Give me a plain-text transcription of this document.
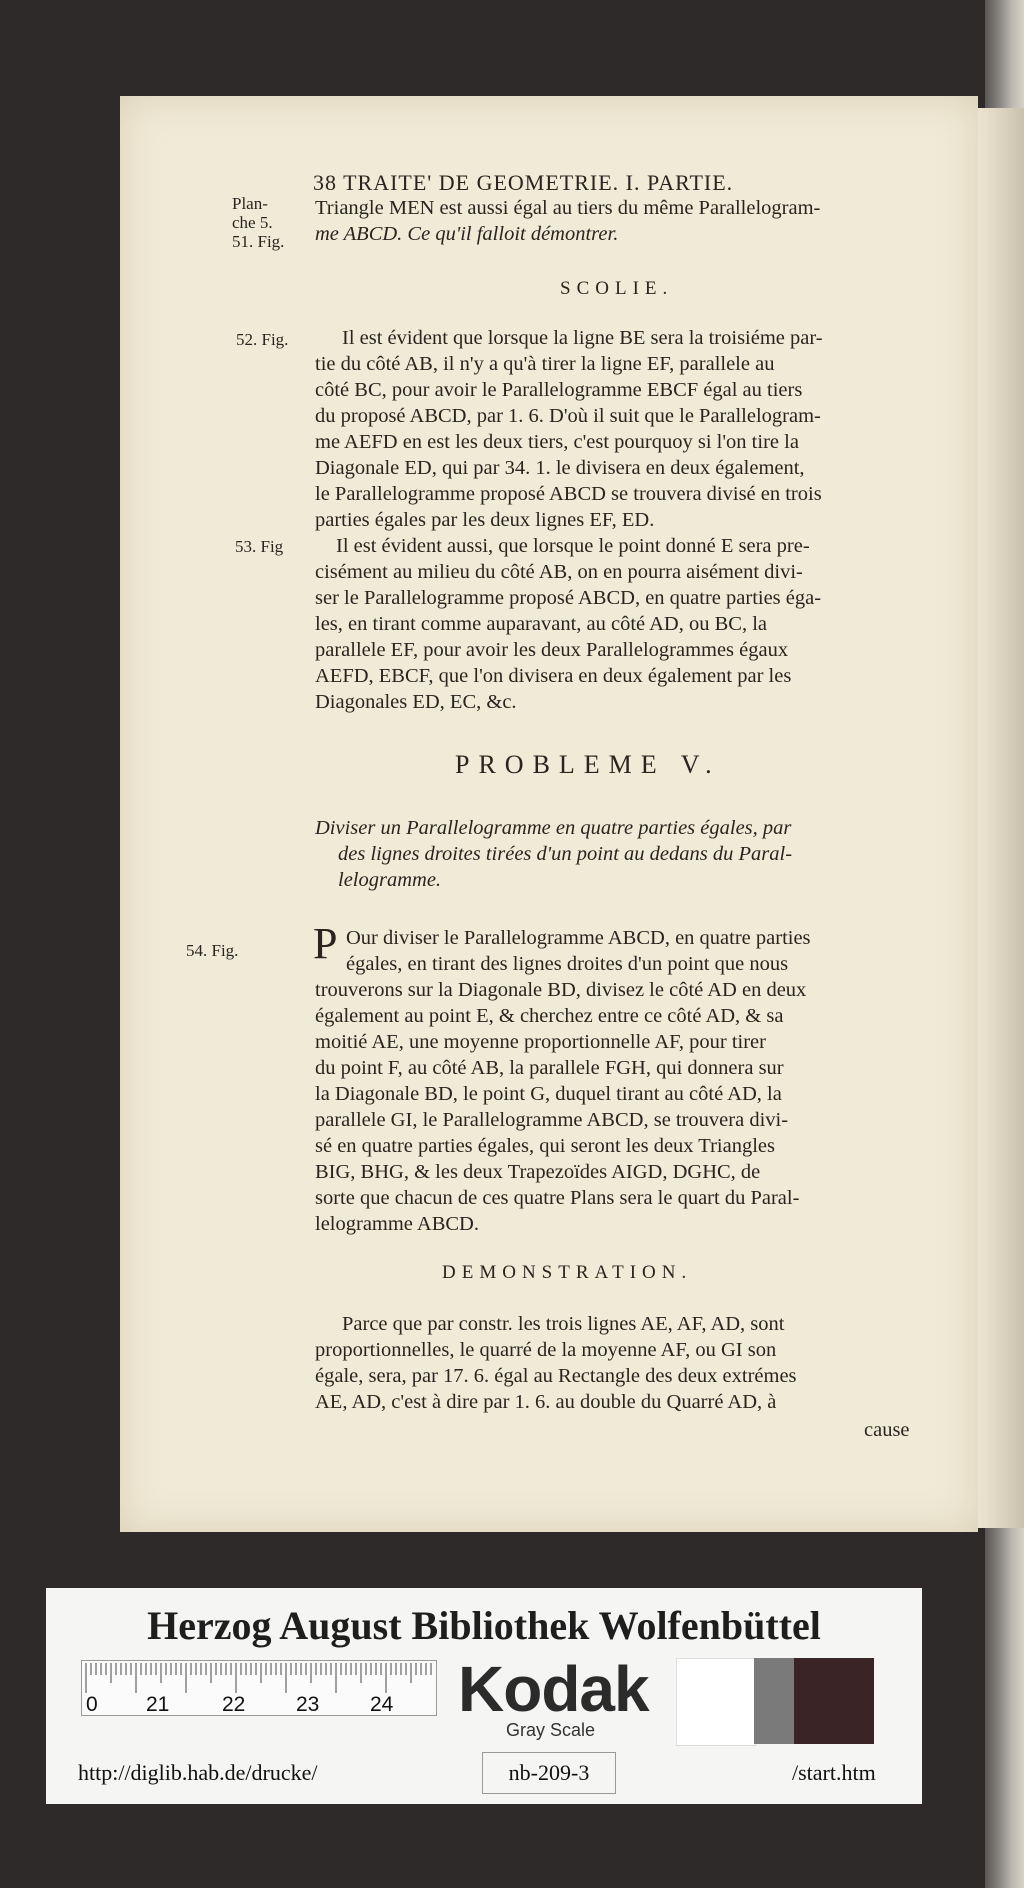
38 TRAITE' DE GEOMETRIE. I. PARTIE.
Plan-
che 5.
51. Fig.
Triangle MEN est aussi égal au tiers du même Parallelogram-
me ABCD. Ce qu'il falloit démontrer.
SCOLIE.
52. Fig.	Il est évident que lorsque la ligne BE sera la troisiéme par-
tie du côté AB, il n'y a qu'à tirer la ligne EF, parallele au
côté BC, pour avoir le Parallelogramme EBCF égal au tiers
du proposé ABCD, par 1. 6. D'où il suit que le Parallelogram-
me AEFD en est les deux tiers, c'est pourquoy si l'on tire la
Diagonale ED, qui par 34. 1. le divisera en deux également,
le Parallelogramme proposé ABCD se trouvera divisé en trois
parties égales par les deux lignes EF, ED.
53. Fig	Il est évident aussi, que lorsque le point donné E sera pre-
cisément au milieu du côté AB, on en pourra aisément divi-
ser le Parallelogramme proposé ABCD, en quatre parties éga-
les, en tirant comme auparavant, au côté AD, ou BC, la
parallele EF, pour avoir les deux Parallelogrammes égaux
AEFD, EBCF, que l'on divisera en deux également par les
Diagonales ED, EC, &c.
PROBLEME V.
Diviser un Parallelogramme en quatre parties égales, par
des lignes droites tirées d'un point au dedans du Paral-
lelogramme.
54. Fig. P Our diviser le Parallelogramme ABCD, en quatre parties
égales, en tirant des lignes droites d'un point que nous
trouverons sur la Diagonale BD, divisez le côté AD en deux
également au point E, & cherchez entre ce côté AD, & sa
moitié AE, une moyenne proportionnelle AF, pour tirer
du point F, au côté AB, la parallele FGH, qui donnera sur
la Diagonale BD, le point G, duquel tirant au côté AD, la
parallele GI, le Parallelogramme ABCD, se trouvera divi-
sé en quatre parties égales, qui seront les deux Triangles
BIG, BHG, & les deux Trapezoïdes AIGD, DGHC, de
sorte que chacun de ces quatre Plans sera le quart du Paral-
lelogramme ABCD.
DEMONSTRATION.
Parce que par constr. les trois lignes AE, AF, AD, sont
proportionnelles, le quarré de la moyenne AF, ou GI son
égale, sera, par 17. 6. égal au Rectangle des deux extrémes
AE, AD, c'est à dire par 1. 6. au double du Quarré AD, à
cause
Herzog August Bibliothek Wolfenbüttel
0 21	22 23 24 Kodak
Gray Scale
http://diglib.hab.de/drucke/	nb-209-3	/start.htm
